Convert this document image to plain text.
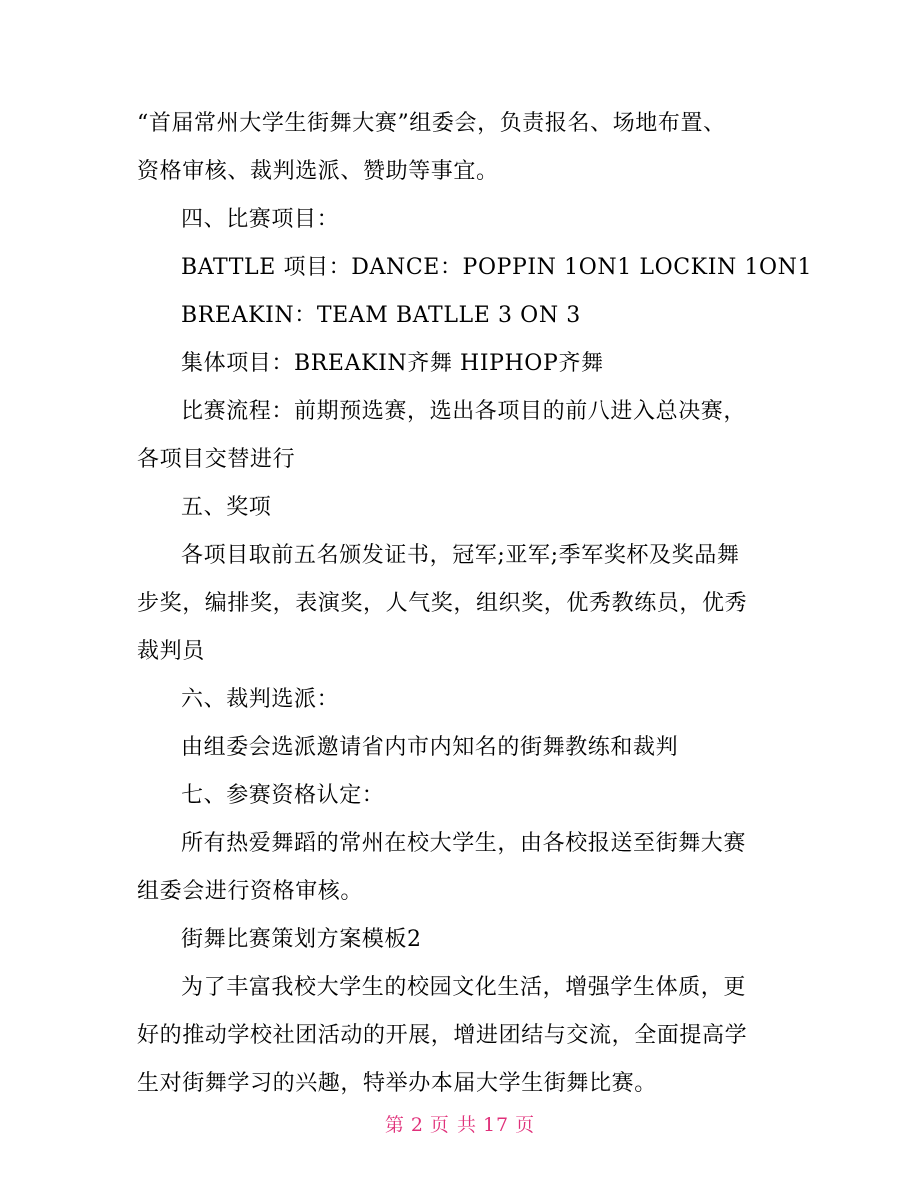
“首届常州大学生街舞大赛”组委会，负责报名、场地布置、
资格审核、裁判选派、赞助等事宜。
四、比赛项目：
BATTLE 项目：DANCE：POPPIN 1ON1 LOCKIN 1ON1
BREAKIN：TEAM BATLLE 3 ON 3
集体项目：BREAKIN齐舞 HIPHOP齐舞
比赛流程：前期预选赛，选出各项目的前八进入总决赛，
各项目交替进行
五、奖项
各项目取前五名颁发证书，冠军;亚军;季军奖杯及奖品舞
步奖，编排奖，表演奖，人气奖，组织奖，优秀教练员，优秀
裁判员
六、裁判选派：
由组委会选派邀请省内市内知名的街舞教练和裁判
七、参赛资格认定：
所有热爱舞蹈的常州在校大学生，由各校报送至街舞大赛
组委会进行资格审核。
街舞比赛策划方案模板2
为了丰富我校大学生的校园文化生活，增强学生体质，更
好的推动学校社团活动的开展，增进团结与交流，全面提高学
生对街舞学习的兴趣，特举办本届大学生街舞比赛。
第 2 页 共 17 页
